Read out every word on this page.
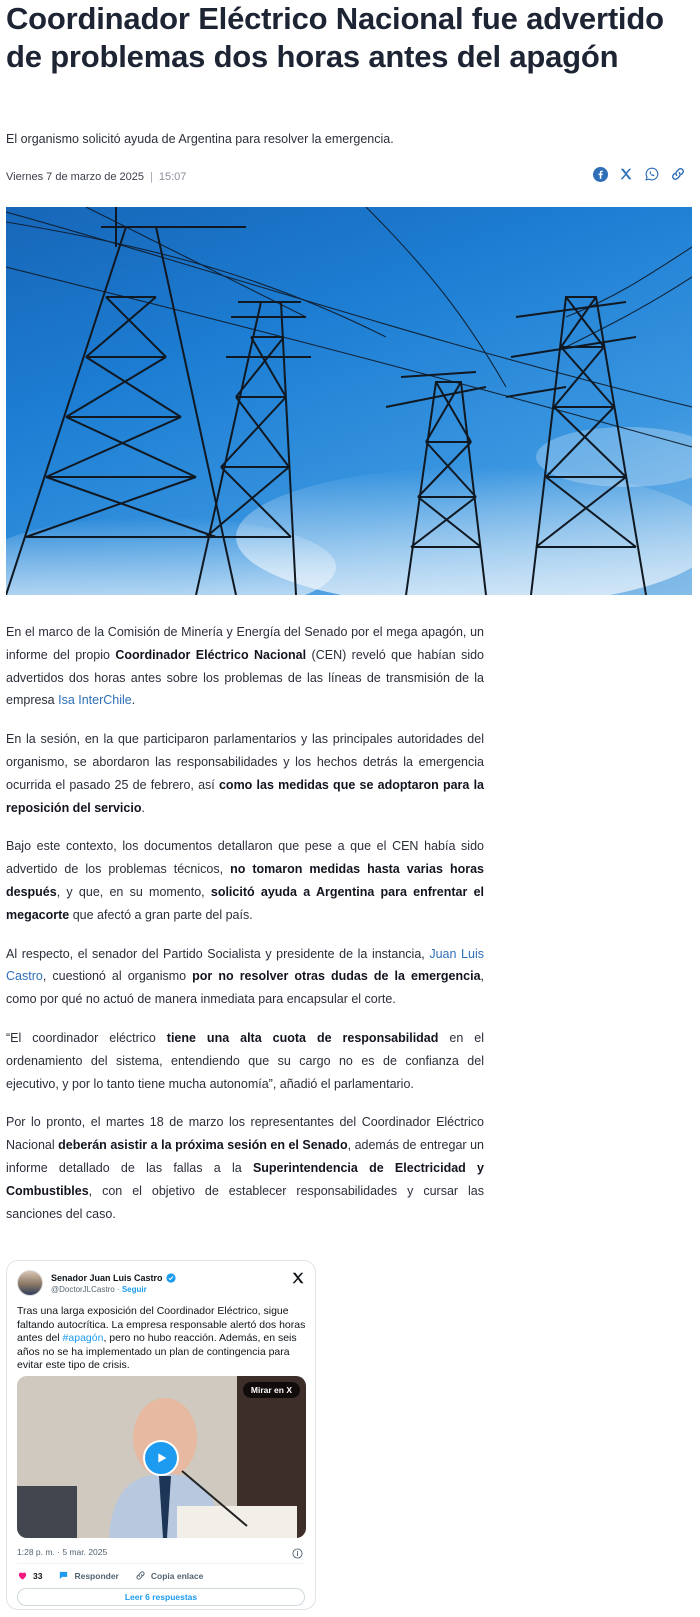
Coordinador Eléctrico Nacional fue advertido de problemas dos horas antes del apagón

El organismo solicitó ayuda de Argentina para resolver la emergencia.

Viernes 7 de marzo de 2025 | 15:07

En el marco de la Comisión de Minería y Energía del Senado por el mega apagón, un informe del propio Coordinador Eléctrico Nacional (CEN) reveló que habían sido advertidos dos horas antes sobre los problemas de las líneas de transmisión de la empresa Isa InterChile.

En la sesión, en la que participaron parlamentarios y las principales autoridades del organismo, se abordaron las responsabilidades y los hechos detrás la emergencia ocurrida el pasado 25 de febrero, así como las medidas que se adoptaron para la reposición del servicio.

Bajo este contexto, los documentos detallaron que pese a que el CEN había sido advertido de los problemas técnicos, no tomaron medidas hasta varias horas después, y que, en su momento, solicitó ayuda a Argentina para enfrentar el megacorte que afectó a gran parte del país.

Al respecto, el senador del Partido Socialista y presidente de la instancia, Juan Luis Castro, cuestionó al organismo por no resolver otras dudas de la emergencia, como por qué no actuó de manera inmediata para encapsular el corte.

“El coordinador eléctrico tiene una alta cuota de responsabilidad en el ordenamiento del sistema, entendiendo que su cargo no es de confianza del ejecutivo, y por lo tanto tiene mucha autonomía”, añadió el parlamentario.

Por lo pronto, el martes 18 de marzo los representantes del Coordinador Eléctrico Nacional deberán asistir a la próxima sesión en el Senado, además de entregar un informe detallado de las fallas a la Superintendencia de Electricidad y Combustibles, con el objetivo de establecer responsabilidades y cursar las sanciones del caso.

Senador Juan Luis Castro
@DoctorJLCastro · Seguir
Tras una larga exposición del Coordinador Eléctrico, sigue faltando autocrítica. La empresa responsable alertó dos horas antes del #apagón, pero no hubo reacción. Además, en seis años no se ha implementado un plan de contingencia para evitar este tipo de crisis.
Mirar en X
1:28 p. m. · 5 mar. 2025
33	Responder	Copia enlace
Leer 6 respuestas
